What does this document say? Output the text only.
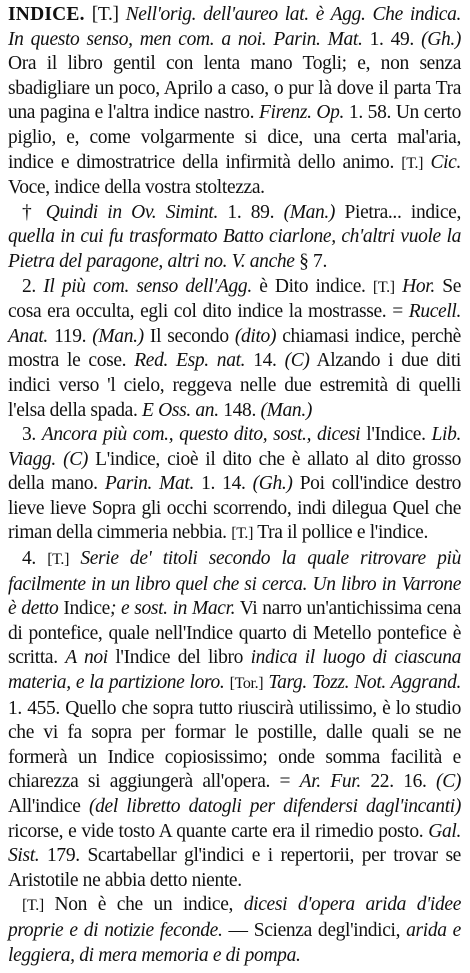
INDICE. [T.] Nell'orig. dell'aureo lat. è Agg. Che indica. In questo senso, men com. a noi. Parin. Mat. 1. 49. (Gh.) Ora il libro gentil con lenta mano Togli; e, non senza sbadigliare un poco, Aprilo a caso, o pur là dove il parta Tra una pagina e l'altra indice nastro. Firenz. Op. 1. 58. Un certo piglio, e, come volgarmente si dice, una certa mal'aria, indice e dimostratrice della infirmità dello animo. [T.] Cic. Voce, indice della vostra stoltezza.

† Quindi in Ov. Simint. 1. 89. (Man.) Pietra... indice, quella in cui fu trasformato Batto ciarlone, ch'altri vuole la Pietra del paragone, altri no. V. anche § 7.

2. Il più com. senso dell'Agg. è Dito indice. [T.] Hor. Se cosa era occulta, egli col dito indice la mostrasse. = Rucell. Anat. 119. (Man.) Il secondo (dito) chiamasi indice, perchè mostra le cose. Red. Esp. nat. 14. (C) Alzando i due diti indici verso 'l cielo, reggeva nelle due estremità di quelli l'elsa della spada. E Oss. an. 148. (Man.)

3. Ancora più com., questo dito, sost., dicesi l'Indice. Lib. Viagg. (C) L'indice, cioè il dito che è allato al dito grosso della mano. Parin. Mat. 1. 14. (Gh.) Poi coll'indice destro lieve lieve Sopra gli occhi scorrendo, indi dilegua Quel che riman della cimmeria nebbia. [T.] Tra il pollice e l'indice.

4. [T.] Serie de' titoli secondo la quale ritrovare più facilmente in un libro quel che si cerca. Un libro in Varrone è detto Indice; e sost. in Macr. Vi narro un'antichissima cena di pontefice, quale nell'Indice quarto di Metello pontefice è scritta. A noi l'Indice del libro indica il luogo di ciascuna materia, e la partizione loro. [Tor.] Targ. Tozz. Not. Aggrand. 1. 455. Quello che sopra tutto riuscirà utilissimo, è lo studio che vi fa sopra per formar le postille, dalle quali se ne formerà un Indice copiosissimo; onde somma facilità e chiarezza si aggiungerà all'opera. = Ar. Fur. 22. 16. (C) All'indice (del libretto datogli per difendersi dagl'incanti) ricorse, e vide tosto A quante carte era il rimedio posto. Gal. Sist. 179. Scartabellar gl'indici e i repertorii, per trovar se Aristotile ne abbia detto niente.

[T.] Non è che un indice, dicesi d'opera arida d'idee proprie e di notizie feconde. — Scienza degl'indici, arida e leggiera, di mera memoria e di pompa.
